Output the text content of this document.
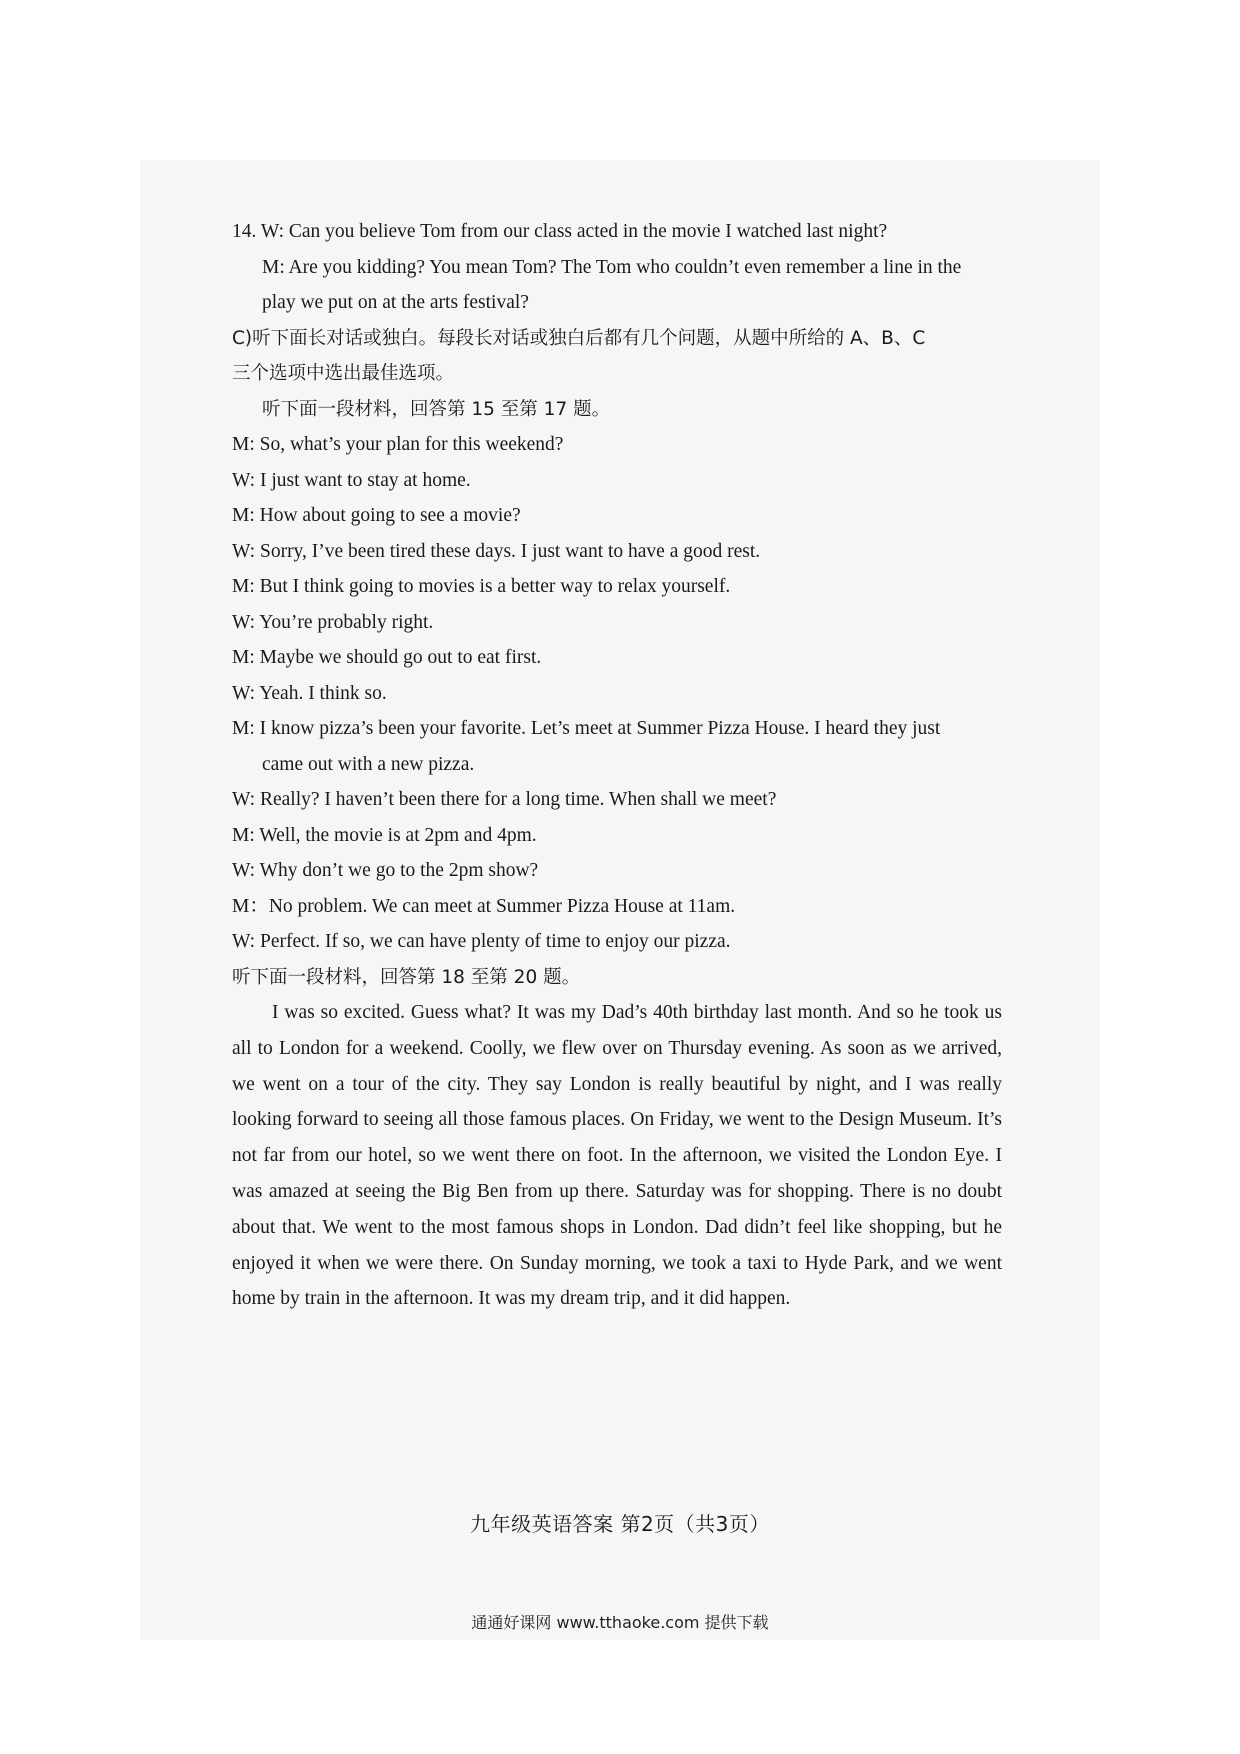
14. W: Can you believe Tom from our class acted in the movie I watched last night?
M: Are you kidding? You mean Tom? The Tom who couldn’t even remember a line in the
play we put on at the arts festival?
C)听下面长对话或独白。每段长对话或独白后都有几个问题，从题中所给的 A、B、C
三个选项中选出最佳选项。
听下面一段材料，回答第 15 至第 17 题。
M: So, what’s your plan for this weekend?
W: I just want to stay at home.
M: How about going to see a movie?
W: Sorry, I’ve been tired these days. I just want to have a good rest.
M: But I think going to movies is a better way to relax yourself.
W: You’re probably right.
M: Maybe we should go out to eat first.
W: Yeah. I think so.
M: I know pizza’s been your favorite. Let’s meet at Summer Pizza House. I heard they just
came out with a new pizza.
W: Really? I haven’t been there for a long time. When shall we meet?
M: Well, the movie is at 2pm and 4pm.
W: Why don’t we go to the 2pm show?
M：No problem. We can meet at Summer Pizza House at 11am.
W: Perfect. If so, we can have plenty of time to enjoy our pizza.
听下面一段材料，回答第 18 至第 20 题。

I was so excited. Guess what? It was my Dad’s 40th birthday last month. And so he took us all to London for a weekend. Coolly, we flew over on Thursday evening. As soon as we arrived, we went on a tour of the city. They say London is really beautiful by night, and I was really looking forward to seeing all those famous places. On Friday, we went to the Design Museum. It’s not far from our hotel, so we went there on foot. In the afternoon, we visited the London Eye. I was amazed at seeing the Big Ben from up there. Saturday was for shopping. There is no doubt about that. We went to the most famous shops in London. Dad didn’t feel like shopping, but he enjoyed it when we were there. On Sunday morning, we took a taxi to Hyde Park, and we went home by train in the afternoon. It was my dream trip, and it did happen.

九年级英语答案 第2页（共3页）
通通好课网 www.tthaoke.com 提供下载
